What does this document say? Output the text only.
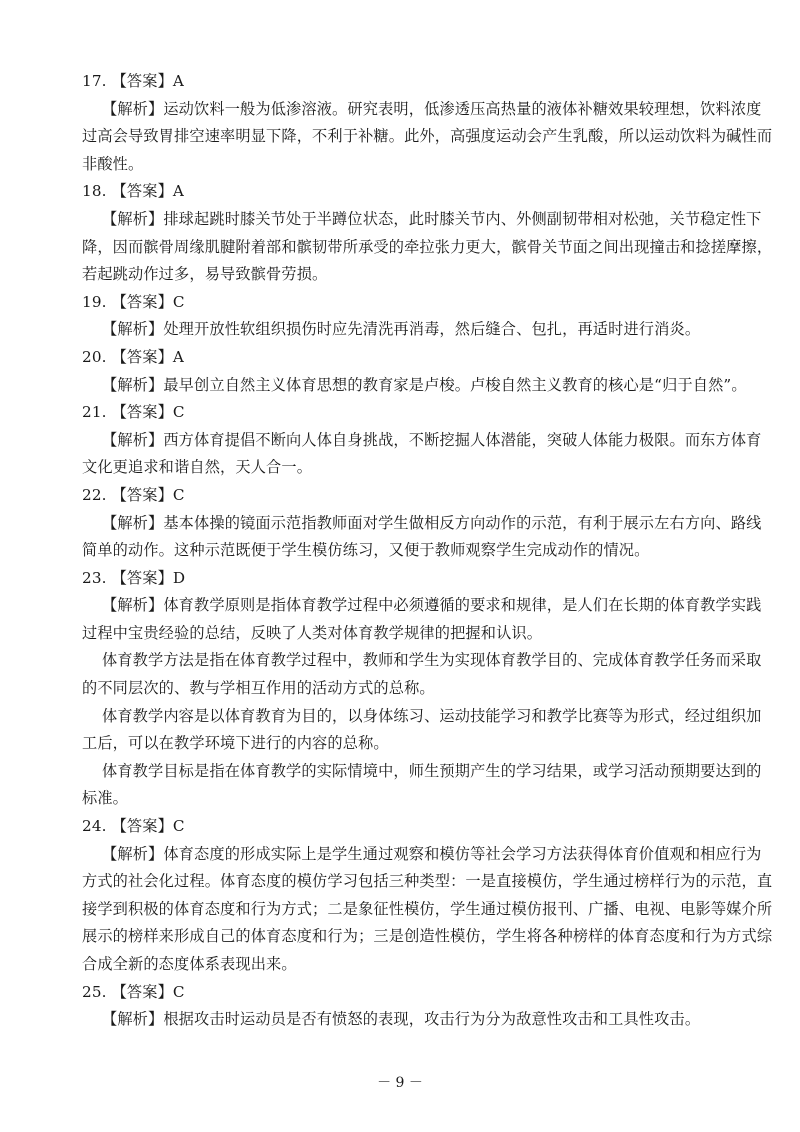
17. 【答案】A
【解析】运动饮料一般为低渗溶液。研究表明，低渗透压高热量的液体补糖效果较理想，饮料浓度
过高会导致胃排空速率明显下降，不利于补糖。此外，高强度运动会产生乳酸，所以运动饮料为碱性而
非酸性。
18. 【答案】A
【解析】排球起跳时膝关节处于半蹲位状态，此时膝关节内、外侧副韧带相对松弛，关节稳定性下
降，因而髌骨周缘肌腱附着部和髌韧带所承受的牵拉张力更大，髌骨关节面之间出现撞击和捻搓摩擦，
若起跳动作过多，易导致髌骨劳损。
19. 【答案】C
【解析】处理开放性软组织损伤时应先清洗再消毒，然后缝合、包扎，再适时进行消炎。
20. 【答案】A
【解析】最早创立自然主义体育思想的教育家是卢梭。卢梭自然主义教育的核心是“归于自然”。
21. 【答案】C
【解析】西方体育提倡不断向人体自身挑战，不断挖掘人体潜能，突破人体能力极限。而东方体育
文化更追求和谐自然，天人合一。
22. 【答案】C
【解析】基本体操的镜面示范指教师面对学生做相反方向动作的示范，有利于展示左右方向、路线
简单的动作。这种示范既便于学生模仿练习，又便于教师观察学生完成动作的情况。
23. 【答案】D
【解析】体育教学原则是指体育教学过程中必须遵循的要求和规律，是人们在长期的体育教学实践
过程中宝贵经验的总结，反映了人类对体育教学规律的把握和认识。
体育教学方法是指在体育教学过程中，教师和学生为实现体育教学目的、完成体育教学任务而采取
的不同层次的、教与学相互作用的活动方式的总称。
体育教学内容是以体育教育为目的，以身体练习、运动技能学习和教学比赛等为形式，经过组织加
工后，可以在教学环境下进行的内容的总称。
体育教学目标是指在体育教学的实际情境中，师生预期产生的学习结果，或学习活动预期要达到的
标准。
24. 【答案】C
【解析】体育态度的形成实际上是学生通过观察和模仿等社会学习方法获得体育价值观和相应行为
方式的社会化过程。体育态度的模仿学习包括三种类型：一是直接模仿，学生通过榜样行为的示范，直
接学到积极的体育态度和行为方式；二是象征性模仿，学生通过模仿报刊、广播、电视、电影等媒介所
展示的榜样来形成自己的体育态度和行为；三是创造性模仿，学生将各种榜样的体育态度和行为方式综
合成全新的态度体系表现出来。
25. 【答案】C
【解析】根据攻击时运动员是否有愤怒的表现，攻击行为分为敌意性攻击和工具性攻击。
－ 9 －
